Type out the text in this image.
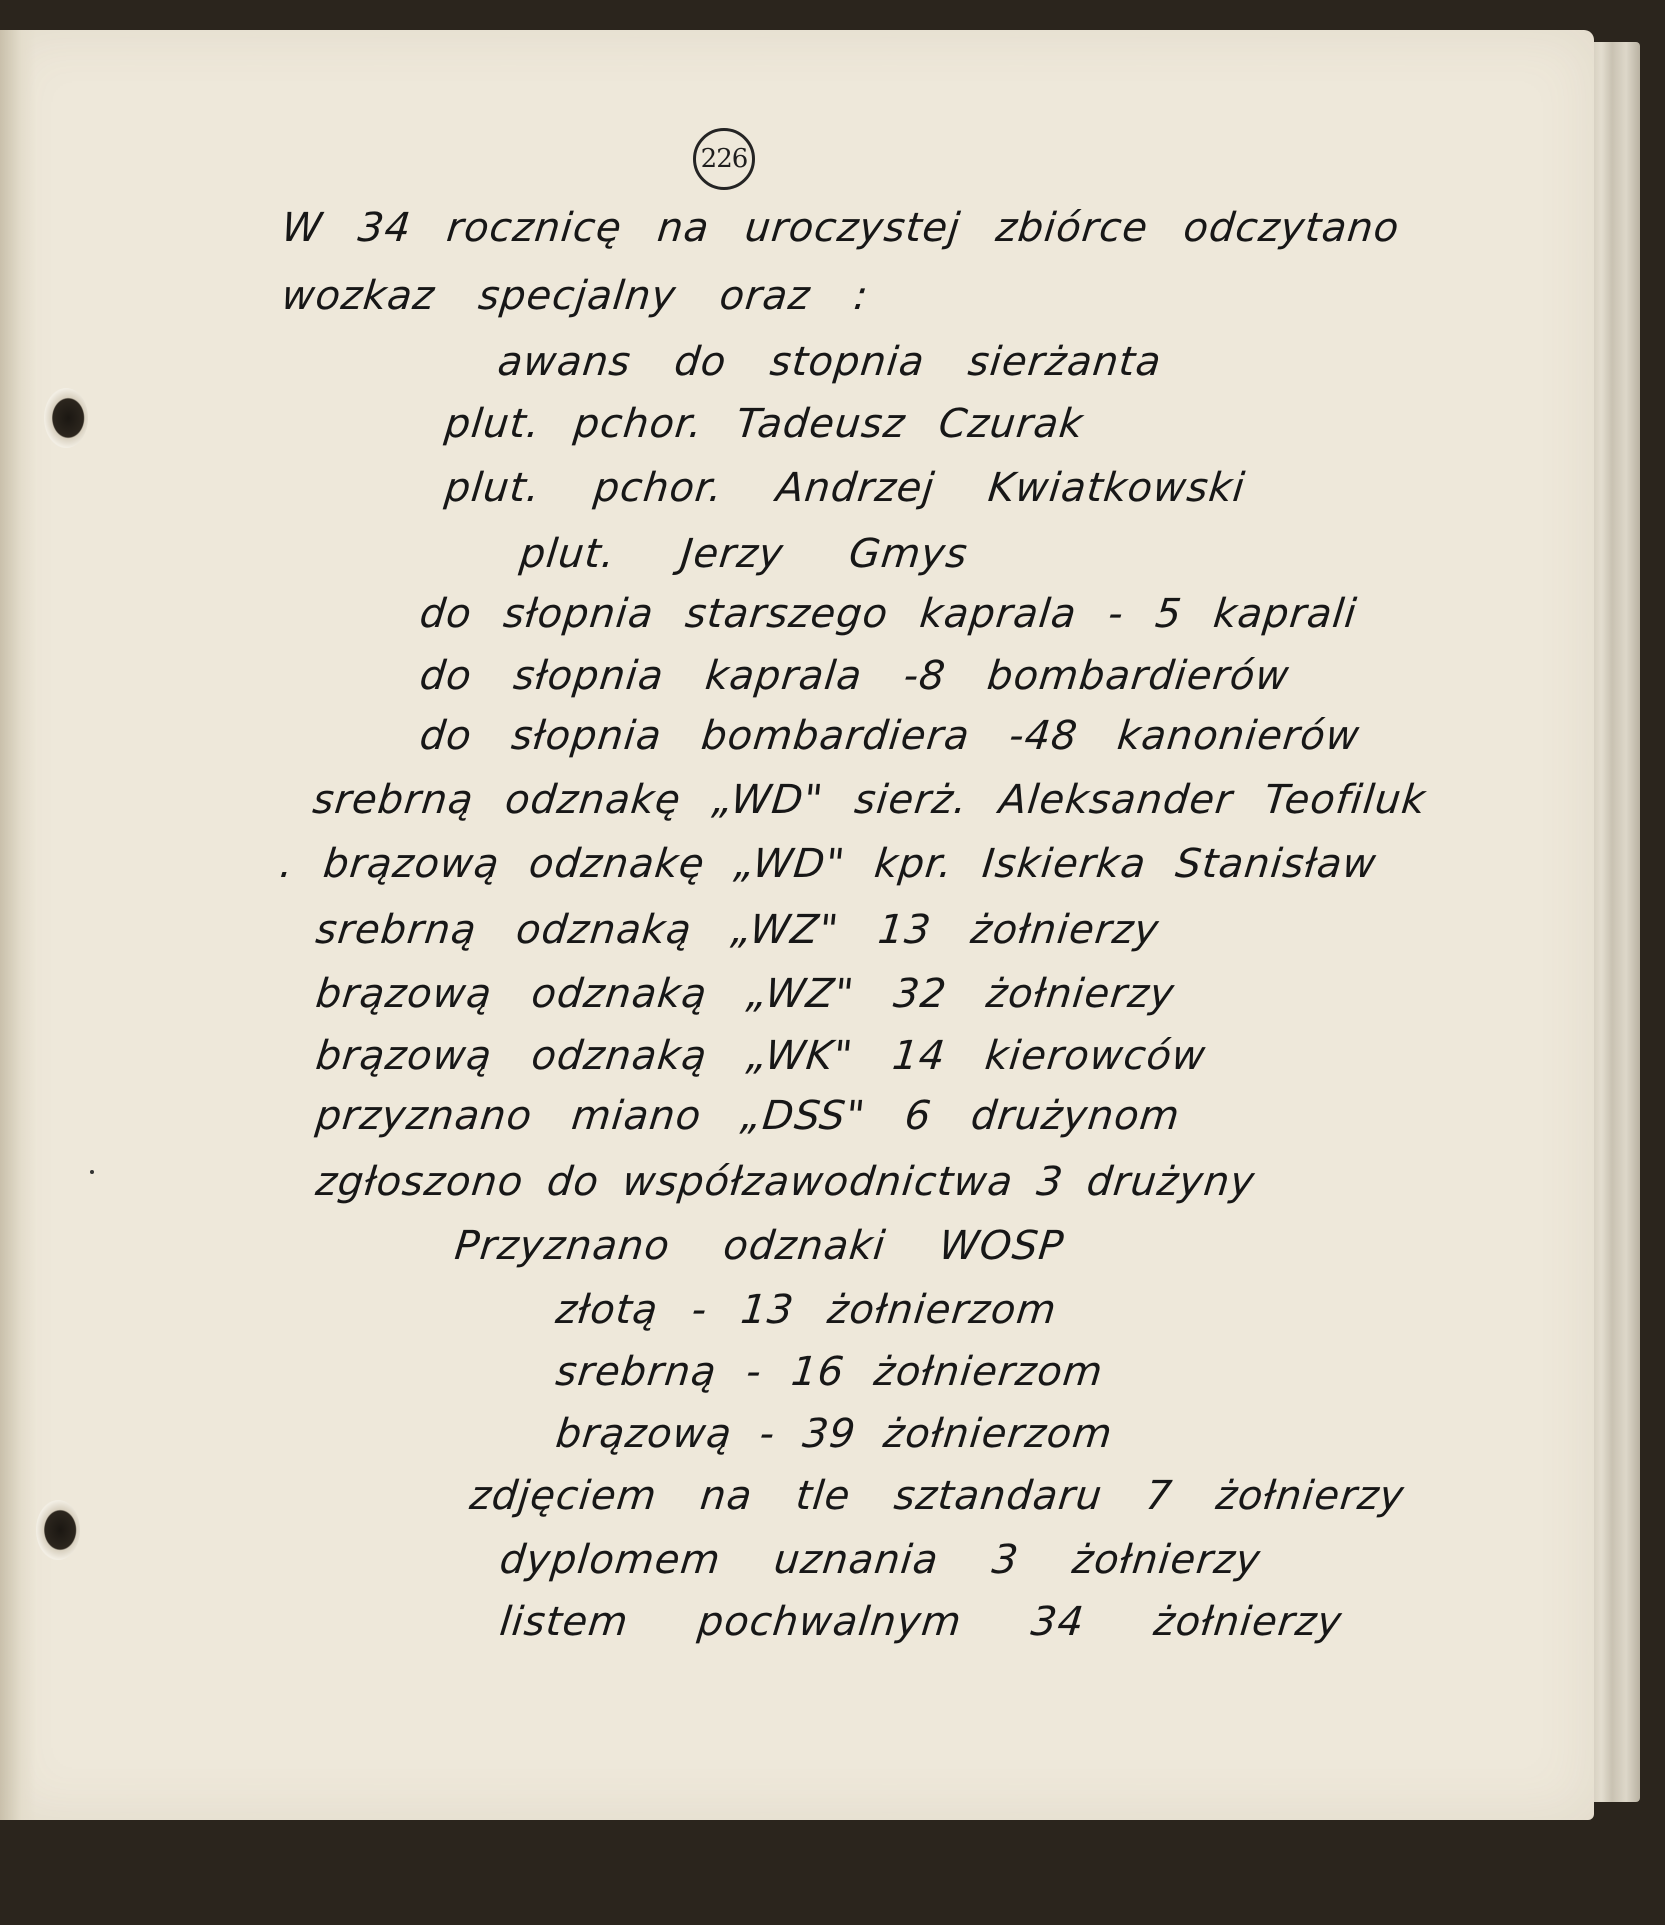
226
W 34 rocznicę na uroczystej zbiórce odczytano
wozkaz specjalny oraz :
awans do stopnia sierżanta
plut. pchor. Tadeusz Czurak
plut. pchor. Andrzej Kwiatkowski
plut. Jerzy Gmys
do słopnia starszego kaprala - 5 kaprali
do słopnia kaprala -8 bombardierów
do słopnia bombardiera -48 kanonierów
srebrną odznakę „WD" sierż. Aleksander Teofiluk
. brązową odznakę „WD" kpr. Iskierka Stanisław
srebrną odznaką „WZ" 13 żołnierzy
brązową odznaką „WZ" 32 żołnierzy
brązową odznaką „WK" 14 kierowców
przyznano miano „DSS" 6 drużynom
zgłoszono do współzawodnictwa 3 drużyny
Przyznano odznaki WOSP
złotą - 13 żołnierzom
srebrną - 16 żołnierzom
brązową - 39 żołnierzom
zdjęciem na tle sztandaru 7 żołnierzy
dyplomem uznania 3 żołnierzy
listem pochwalnym 34 żołnierzy
